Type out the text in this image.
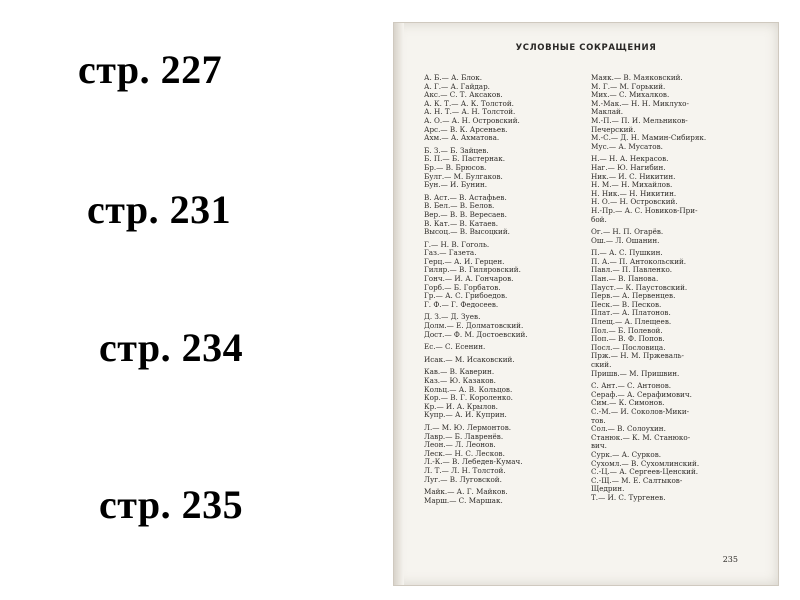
стр. 227
стр. 231
стр. 234
стр. 235
УСЛОВНЫЕ СОКРАЩЕНИЯ
А. Б.— А. Блок.
А. Г.— А. Гайдар.
Акс.— С. Т. Аксаков.
А. К. Т.— А. К. Толстой.
А. Н. Т.— А. Н. Толстой.
А. О.— А. Н. Островский.
Арс.— В. К. Арсеньев.
Ахм.— А. Ахматова.
Б. З.— Б. Зайцев.
Б. П.— Б. Пастернак.
Бр.— В. Брюсов.
Булг.— М. Булгаков.
Бун.— И. Бунин.
В. Аст.— В. Астафьев.
В. Бел.— В. Белов.
Вер.— В. В. Вересаев.
В. Кат.— В. Катаев.
Высоц.— В. Высоцкий.
Г.— Н. В. Гоголь.
Газ.— Газета.
Герц.— А. И. Герцен.
Гиляр.— В. Гиляровский.
Гонч.— И. А. Гончаров.
Горб.— Б. Горбатов.
Гр.— А. С. Грибоедов.
Г. Ф.— Г. Федосеев.
Д. З.— Д. Зуев.
Долм.— Е. Долматовский.
Дост.— Ф. М. Достоевский.
Ес.— С. Есенин.
Исак.— М. Исаковский.
Кав.— В. Каверин.
Каз.— Ю. Казаков.
Кольц.— А. В. Кольцов.
Кор.— В. Г. Короленко.
Кр.— И. А. Крылов.
Купр.— А. И. Куприн.
Л.— М. Ю. Лермонтов.
Лавр.— Б. Лавренёв.
Леон.— Л. Леонов.
Леск.— Н. С. Лесков.
Л.-К.— В. Лебедев-Кумач.
Л. Т.— Л. Н. Толстой.
Луг.— В. Луговской.
Майк.— А. Г. Майков.
Марш.— С. Маршак.
Маяк.— В. Маяковский.
М. Г.— М. Горький.
Мих.— С. Михалков.
М.-Мак.— Н. Н. Миклухо-
Маклай.
М.-П.— П. И. Мельников-
Печерский.
М.-С.— Д. Н. Мамин-Сибиряк.
Мус.— А. Мусатов.
Н.— Н. А. Некрасов.
Наг.— Ю. Нагибин.
Ник.— И. С. Никитин.
Н. М.— Н. Михайлов.
Н. Ник.— Н. Никитин.
Н. О.— Н. Островский.
Н.-Пр.— А. С. Новиков-При-
бой.
Ог.— Н. П. Огарёв.
Ош.— Л. Ошанин.
П.— А. С. Пушкин.
П. А.— П. Антокольский.
Павл.— П. Павленко.
Пан.— В. Панова.
Пауст.— К. Паустовский.
Перв.— А. Первенцев.
Песк.— В. Песков.
Плат.— А. Платонов.
Плещ.— А. Плещеев.
Пол.— Б. Полевой.
Поп.— В. Ф. Попов.
Посл.— Пословица.
Прж.— Н. М. Пржеваль-
ский.
Пришв.— М. Пришвин.
С. Ант.— С. Антонов.
Сераф.— А. Серафимович.
Сим.— К. Симонов.
С.-М.— И. Соколов-Мики-
тов.
Сол.— В. Солоухин.
Станюк.— К. М. Станюко-
вич.
Сурк.— А. Сурков.
Сухомл.— В. Сухомлинский.
С.-Ц.— А. Сергеев-Ценский.
С.-Щ.— М. Е. Салтыков-
Щедрин.
Т.— И. С. Тургенев.
235
